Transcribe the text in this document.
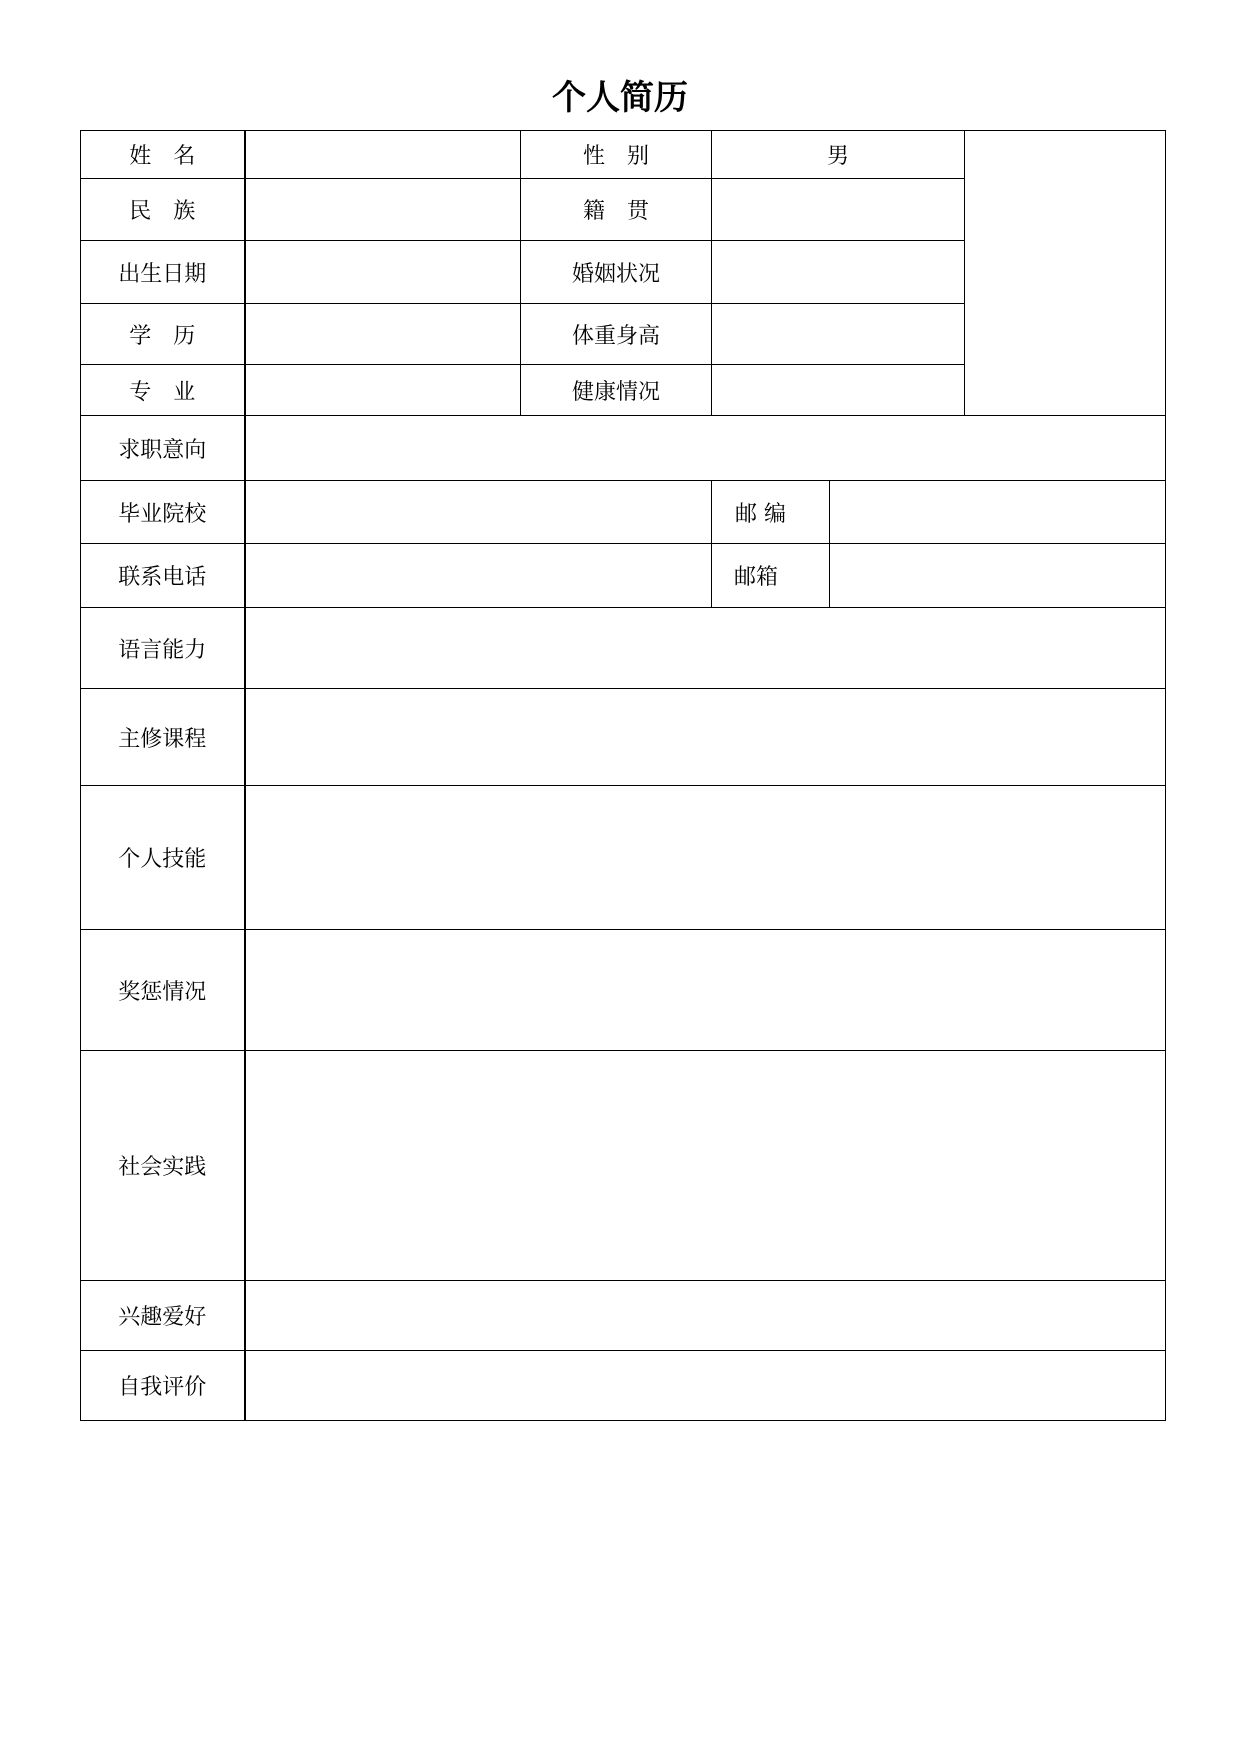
个人简历
姓　名		性　别	男		
民　族		籍　贯			
出生日期		婚姻状况			
学　历		体重身高			
专　业		健康情况			
求职意向					
毕业院校			邮 编		
联系电话			邮箱		
语言能力					
主修课程					
个人技能					
奖惩情况					
社会实践					
兴趣爱好					
自我评价					
